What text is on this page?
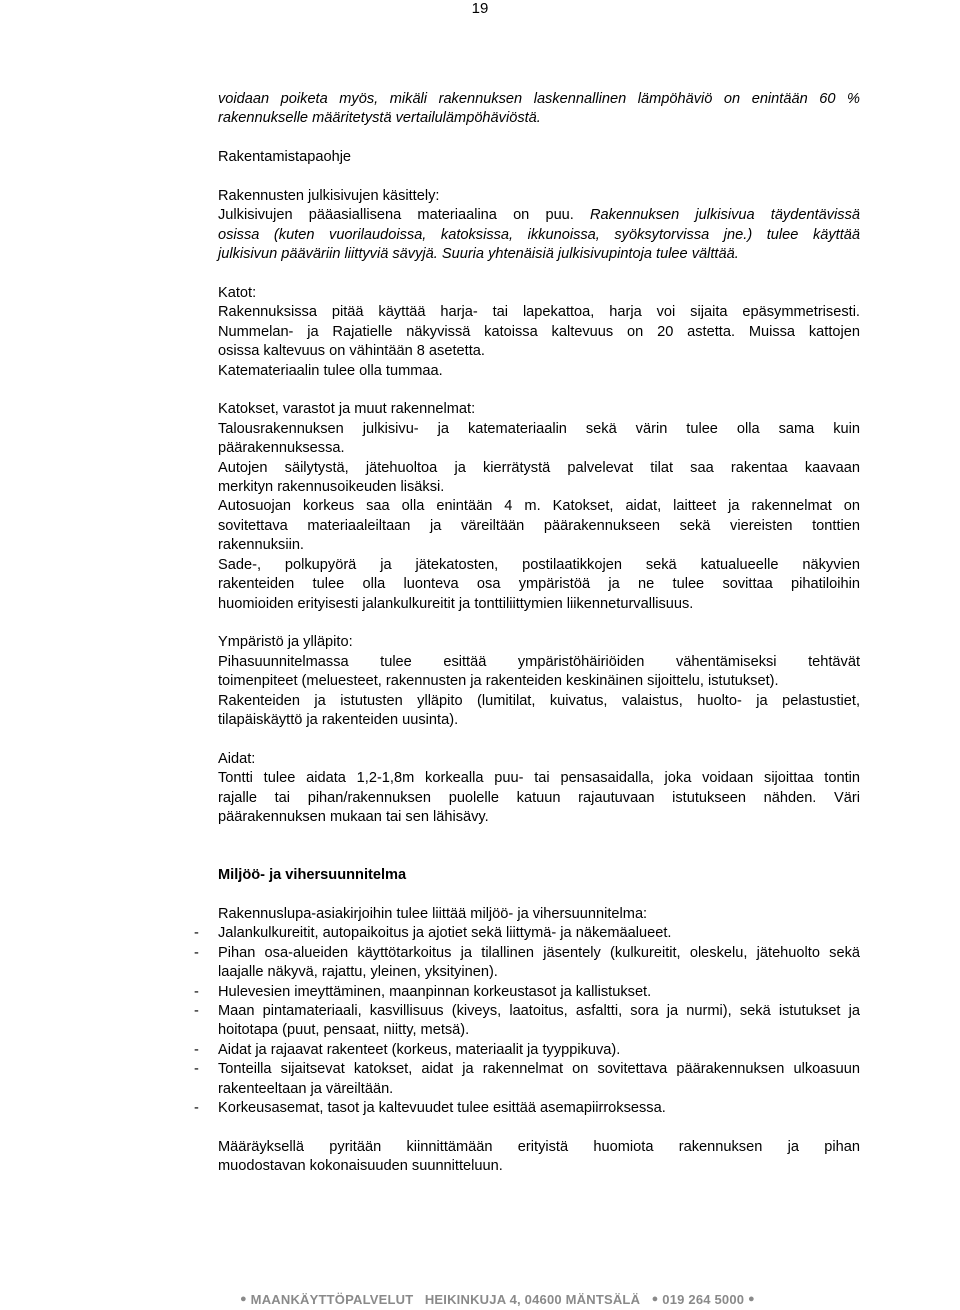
19

voidaan poiketa myös, mikäli rakennuksen laskennallinen lämpöhäviö on enintään 60 %

rakennukselle määritetystä vertailulämpöhäviöstä.

Rakentamistapaohje

Rakennusten julkisivujen käsittely:

Julkisivujen pääasiallisena materiaalina on puu. Rakennuksen julkisivua täydentävissä

osissa (kuten vuorilaudoissa, katoksissa, ikkunoissa, syöksytorvissa jne.) tulee käyttää

julkisivun pääväriin liittyviä sävyjä. Suuria yhtenäisiä julkisivupintoja tulee välttää.

Katot:

Rakennuksissa pitää käyttää harja- tai lapekattoa, harja voi sijaita epäsymmetrisesti.

Nummelan- ja Rajatielle näkyvissä katoissa kaltevuus on 20 astetta. Muissa kattojen

osissa kaltevuus on vähintään 8 asetetta.

Katemateriaalin tulee olla tummaa.

Katokset, varastot ja muut rakennelmat:

Talousrakennuksen julkisivu- ja katemateriaalin sekä värin tulee olla sama kuin

päärakennuksessa.

Autojen säilytystä, jätehuoltoa ja kierrätystä palvelevat tilat saa rakentaa kaavaan

merkityn rakennusoikeuden lisäksi.

Autosuojan korkeus saa olla enintään 4 m. Katokset, aidat, laitteet ja rakennelmat on

sovitettava materiaaleiltaan ja väreiltään päärakennukseen sekä viereisten tonttien

rakennuksiin.

Sade-, polkupyörä ja jätekatosten, postilaatikkojen sekä katualueelle näkyvien

rakenteiden tulee olla luonteva osa ympäristöä ja ne tulee sovittaa pihatiloihin

huomioiden erityisesti jalankulkureitit ja tonttiliittymien liikenneturvallisuus.

Ympäristö ja ylläpito:

Pihasuunnitelmassa tulee esittää ympäristöhäiriöiden vähentämiseksi tehtävät

toimenpiteet (meluesteet, rakennusten ja rakenteiden keskinäinen sijoittelu, istutukset).

Rakenteiden ja istutusten ylläpito (lumitilat, kuivatus, valaistus, huolto- ja pelastustiet,

tilapäiskäyttö ja rakenteiden uusinta).

Aidat:

Tontti tulee aidata 1,2-1,8m korkealla puu- tai pensasaidalla, joka voidaan sijoittaa tontin

rajalle tai pihan/rakennuksen puolelle katuun rajautuvaan istutukseen nähden. Väri

päärakennuksen mukaan tai sen lähisävy.

Miljöö- ja vihersuunnitelma

Rakennuslupa-asiakirjoihin tulee liittää miljöö- ja vihersuunnitelma:

- Jalankulkureitit, autopaikoitus ja ajotiet sekä liittymä- ja näkemäalueet.
- Pihan osa-alueiden käyttötarkoitus ja tilallinen jäsentely (kulkureitit, oleskelu, jätehuolto sekä laajalle näkyvä, rajattu, yleinen, yksityinen).
- Hulevesien imeyttäminen, maanpinnan korkeustasot ja kallistukset.
- Maan pintamateriaali, kasvillisuus (kiveys, laatoitus, asfaltti, sora ja nurmi), sekä istutukset ja hoitotapa (puut, pensaat, niitty, metsä).
- Aidat ja rajaavat rakenteet (korkeus, materiaalit ja tyyppikuva).
- Tonteilla sijaitsevat katokset, aidat ja rakennelmat on sovitettava päärakennuksen ulkoasuun rakenteeltaan ja väreiltään.
- Korkeusasemat, tasot ja kaltevuudet tulee esittää asemapiirroksessa.

Määräyksellä pyritään kiinnittämään erityistä huomiota rakennuksen ja pihan

muodostavan kokonaisuuden suunnitteluun.

● MAANKÄYTTÖPALVELUT HEIKINKUJA 4, 04600 MÄNTSÄLÄ ● 019 264 5000 ●
